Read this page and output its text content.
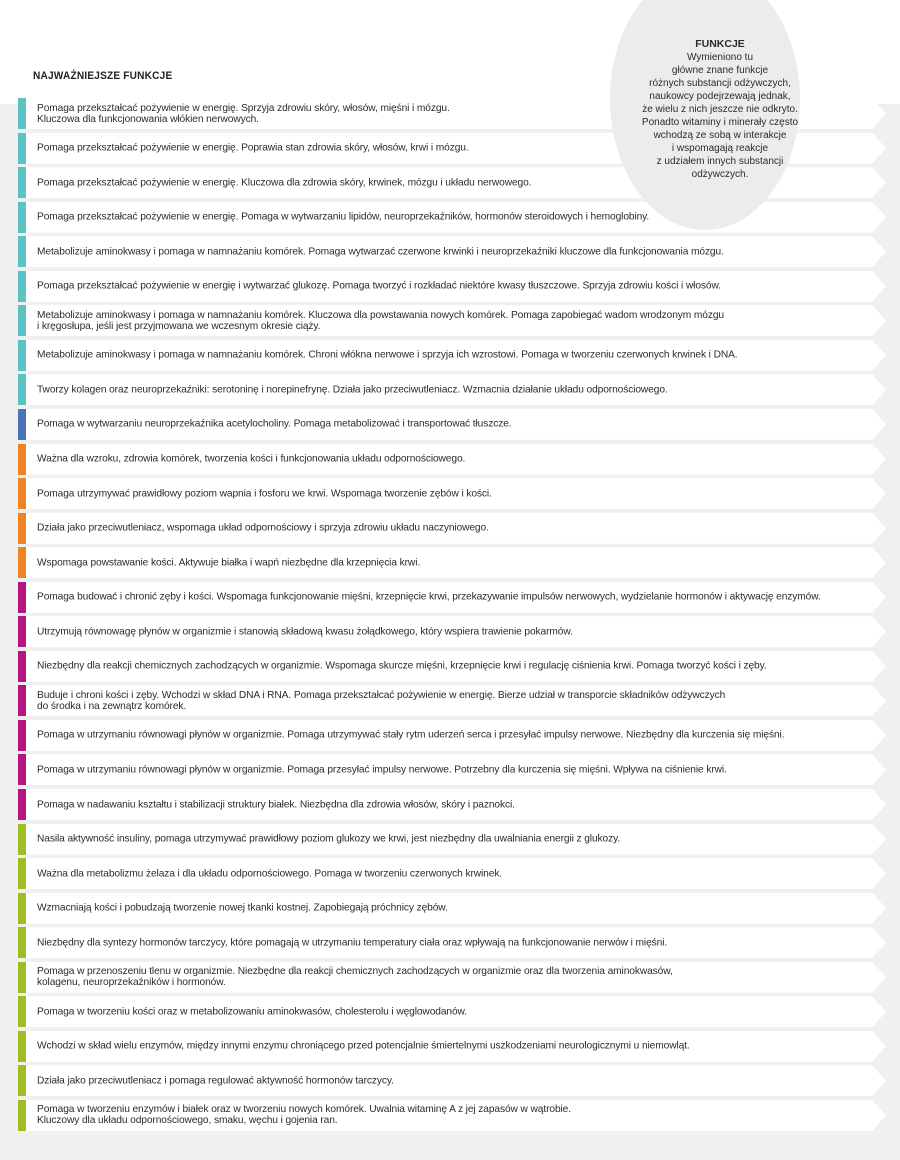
NAJWAŻNIEJSZE FUNKCJE
Pomaga przekształcać pożywienie w energię. Sprzyja zdrowiu skóry, włosów, mięśni i mózgu.
Kluczowa dla funkcjonowania włókien nerwowych.
Pomaga przekształcać pożywienie w energię. Poprawia stan zdrowia skóry, włosów, krwi i mózgu.
Pomaga przekształcać pożywienie w energię. Kluczowa dla zdrowia skóry, krwinek, mózgu i układu nerwowego.
Pomaga przekształcać pożywienie w energię. Pomaga w wytwarzaniu lipidów, neuroprzekaźników, hormonów steroidowych i hemoglobiny.
Metabolizuje aminokwasy i pomaga w namnażaniu komórek. Pomaga wytwarzać czerwone krwinki i neuroprzekaźniki kluczowe dla funkcjonowania mózgu.
Pomaga przekształcać pożywienie w energię i wytwarzać glukozę. Pomaga tworzyć i rozkładać niektóre kwasy tłuszczowe. Sprzyja zdrowiu kości i włosów.
Metabolizuje aminokwasy i pomaga w namnażaniu komórek. Kluczowa dla powstawania nowych komórek. Pomaga zapobiegać wadom wrodzonym mózgu
i kręgosłupa, jeśli jest przyjmowana we wczesnym okresie ciąży.
Metabolizuje aminokwasy i pomaga w namnażaniu komórek. Chroni włókna nerwowe i sprzyja ich wzrostowi. Pomaga w tworzeniu czerwonych krwinek i DNA.
Tworzy kolagen oraz neuroprzekaźniki: serotoninę i norepinefrynę. Działa jako przeciwutleniacz. Wzmacnia działanie układu odpornościowego.
Pomaga w wytwarzaniu neuroprzekaźnika acetylocholiny. Pomaga metabolizować i transportować tłuszcze.
Ważna dla wzroku, zdrowia komórek, tworzenia kości i funkcjonowania układu odpornościowego.
Pomaga utrzymywać prawidłowy poziom wapnia i fosforu we krwi. Wspomaga tworzenie zębów i kości.
Działa jako przeciwutleniacz, wspomaga układ odpornościowy i sprzyja zdrowiu układu naczyniowego.
Wspomaga powstawanie kości. Aktywuje białka i wapń niezbędne dla krzepnięcia krwi.
Pomaga budować i chronić zęby i kości. Wspomaga funkcjonowanie mięśni, krzepnięcie krwi, przekazywanie impulsów nerwowych, wydzielanie hormonów i aktywację enzymów.
Utrzymują równowagę płynów w organizmie i stanowią składową kwasu żołądkowego, który wspiera trawienie pokarmów.
Niezbędny dla reakcji chemicznych zachodzących w organizmie. Wspomaga skurcze mięśni, krzepnięcie krwi i regulację ciśnienia krwi. Pomaga tworzyć kości i zęby.
Buduje i chroni kości i zęby. Wchodzi w skład DNA i RNA. Pomaga przekształcać pożywienie w energię. Bierze udział w transporcie składników odżywczych
do środka i na zewnątrz komórek.
Pomaga w utrzymaniu równowagi płynów w organizmie. Pomaga utrzymywać stały rytm uderzeń serca i przesyłać impulsy nerwowe. Niezbędny dla kurczenia się mięśni.
Pomaga w utrzymaniu równowagi płynów w organizmie. Pomaga przesyłać impulsy nerwowe. Potrzebny dla kurczenia się mięśni. Wpływa na ciśnienie krwi.
Pomaga w nadawaniu kształtu i stabilizacji struktury białek. Niezbędna dla zdrowia włosów, skóry i paznokci.
Nasila aktywność insuliny, pomaga utrzymywać prawidłowy poziom glukozy we krwi, jest niezbędny dla uwalniania energii z glukozy.
Ważna dla metabolizmu żelaza i dla układu odpornościowego. Pomaga w tworzeniu czerwonych krwinek.
Wzmacniają kości i pobudzają tworzenie nowej tkanki kostnej. Zapobiegają próchnicy zębów.
Niezbędny dla syntezy hormonów tarczycy, które pomagają w utrzymaniu temperatury ciała oraz wpływają na funkcjonowanie nerwów i mięśni.
Pomaga w przenoszeniu tlenu w organizmie. Niezbędne dla reakcji chemicznych zachodzących w organizmie oraz dla tworzenia aminokwasów,
kolagenu, neuroprzekaźników i hormonów.
Pomaga w tworzeniu kości oraz w metabolizowaniu aminokwasów, cholesterolu i węglowodanów.
Wchodzi w skład wielu enzymów, między innymi enzymu chroniącego przed potencjalnie śmiertelnymi uszkodzeniami neurologicznymi u niemowląt.
Działa jako przeciwutleniacz i pomaga regulować aktywność hormonów tarczycy.
Pomaga w tworzeniu enzymów i białek oraz w tworzeniu nowych komórek. Uwalnia witaminę A z jej zapasów w wątrobie.
Kluczowy dla układu odpornościowego, smaku, węchu i gojenia ran.
FUNKCJE
Wymieniono tu
główne znane funkcje
różnych substancji odżywczych,
naukowcy podejrzewają jednak,
że wielu z nich jeszcze nie odkryto.
Ponadto witaminy i minerały często
wchodzą ze sobą w interakcje
i wspomagają reakcje
z udziałem innych substancji
odżywczych.
